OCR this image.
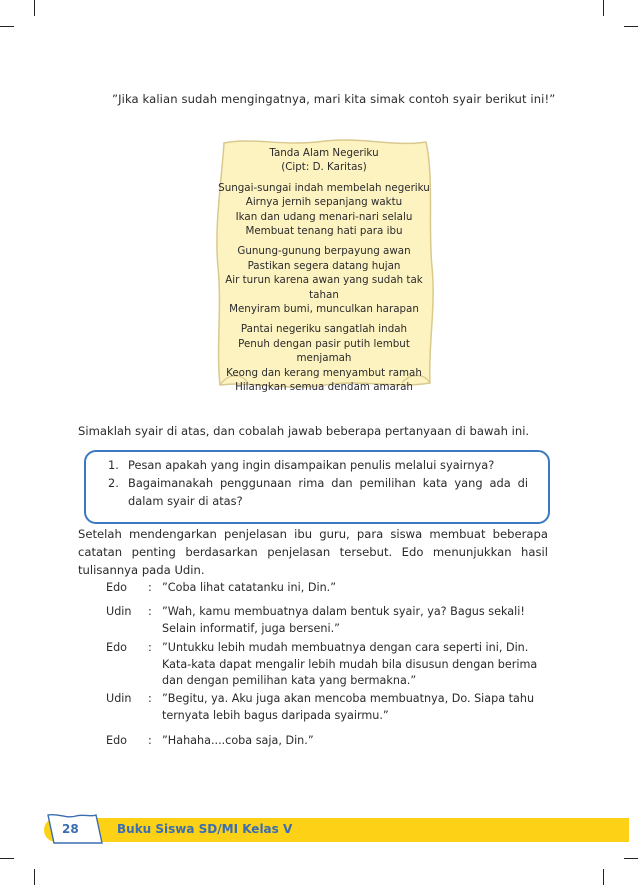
”Jika kalian sudah mengingatnya, mari kita simak contoh syair berikut ini!”
Tanda Alam Negeriku
(Cipt: D. Karitas)
Sungai-sungai indah membelah negeriku
Airnya jernih sepanjang waktu
Ikan dan udang menari-nari selalu
Membuat tenang hati para ibu
Gunung-gunung berpayung awan
Pastikan segera datang hujan
Air turun karena awan yang sudah tak
tahan
Menyiram bumi, munculkan harapan
Pantai negeriku sangatlah indah
Penuh dengan pasir putih lembut
menjamah
Keong dan kerang menyambut ramah
Hilangkan semua dendam amarah
Simaklah syair di atas, dan cobalah jawab beberapa pertanyaan di bawah ini.
1. Pesan apakah yang ingin disampaikan penulis melalui syairnya?
2. Bagaimanakah penggunaan rima dan pemilihan kata yang ada di dalam syair di atas?
Setelah mendengarkan penjelasan ibu guru, para siswa membuat beberapa catatan penting berdasarkan penjelasan tersebut. Edo menunjukkan hasil tulisannya pada Udin.
Edo	: ”Coba lihat catatanku ini, Din.”
Udin	: ”Wah, kamu membuatnya dalam bentuk syair, ya? Bagus sekali!
Selain informatif, juga berseni.”
Edo	: ”Untukku lebih mudah membuatnya dengan cara seperti ini, Din.
Kata-kata dapat mengalir lebih mudah bila disusun dengan berima
dan dengan pemilihan kata yang bermakna.”
Udin	: ”Begitu, ya. Aku juga akan mencoba membuatnya, Do. Siapa tahu
ternyata lebih bagus daripada syairmu.”
Edo	: ”Hahaha....coba saja, Din.”
28	Buku Siswa SD/MI Kelas V
